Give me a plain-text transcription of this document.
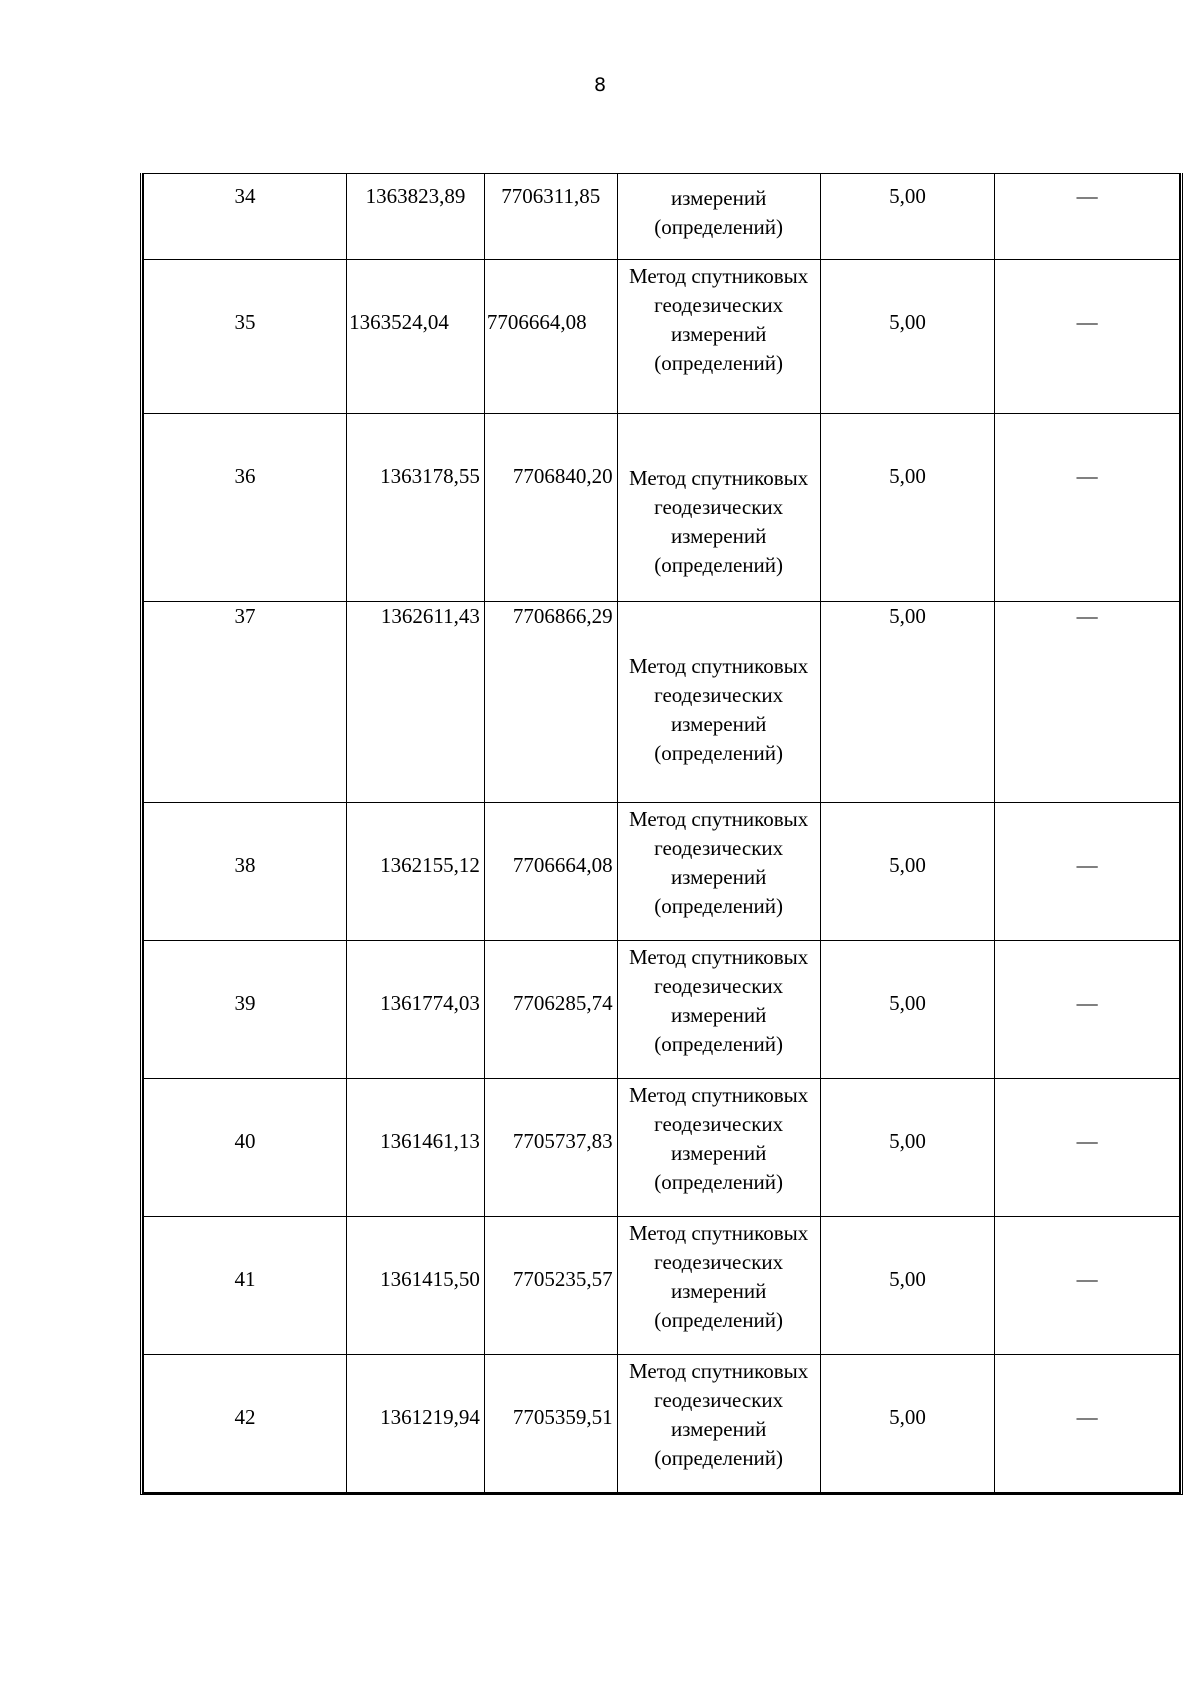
8
34	1363823,89	7706311,85	измерений
(определений)	5,00	—

35	1363524,04	7706664,08	Метод спутниковых
геодезических
измерений
(определений)	5,00	—

36	1363178,55	7706840,20	Метод спутниковых
геодезических
измерений
(определений)	5,00	—

37	1362611,43	7706866,29	Метод спутниковых
геодезических
измерений
(определений)	5,00	—

38	1362155,12	7706664,08	Метод спутниковых
геодезических
измерений
(определений)	5,00	—

39	1361774,03	7706285,74	Метод спутниковых
геодезических
измерений
(определений)	5,00	—

40	1361461,13	7705737,83	Метод спутниковых
геодезических
измерений
(определений)	5,00	—

41	1361415,50	7705235,57	Метод спутниковых
геодезических
измерений
(определений)	5,00	—

42	1361219,94	7705359,51	Метод спутниковых
геодезических
измерений
(определений)	5,00	—
